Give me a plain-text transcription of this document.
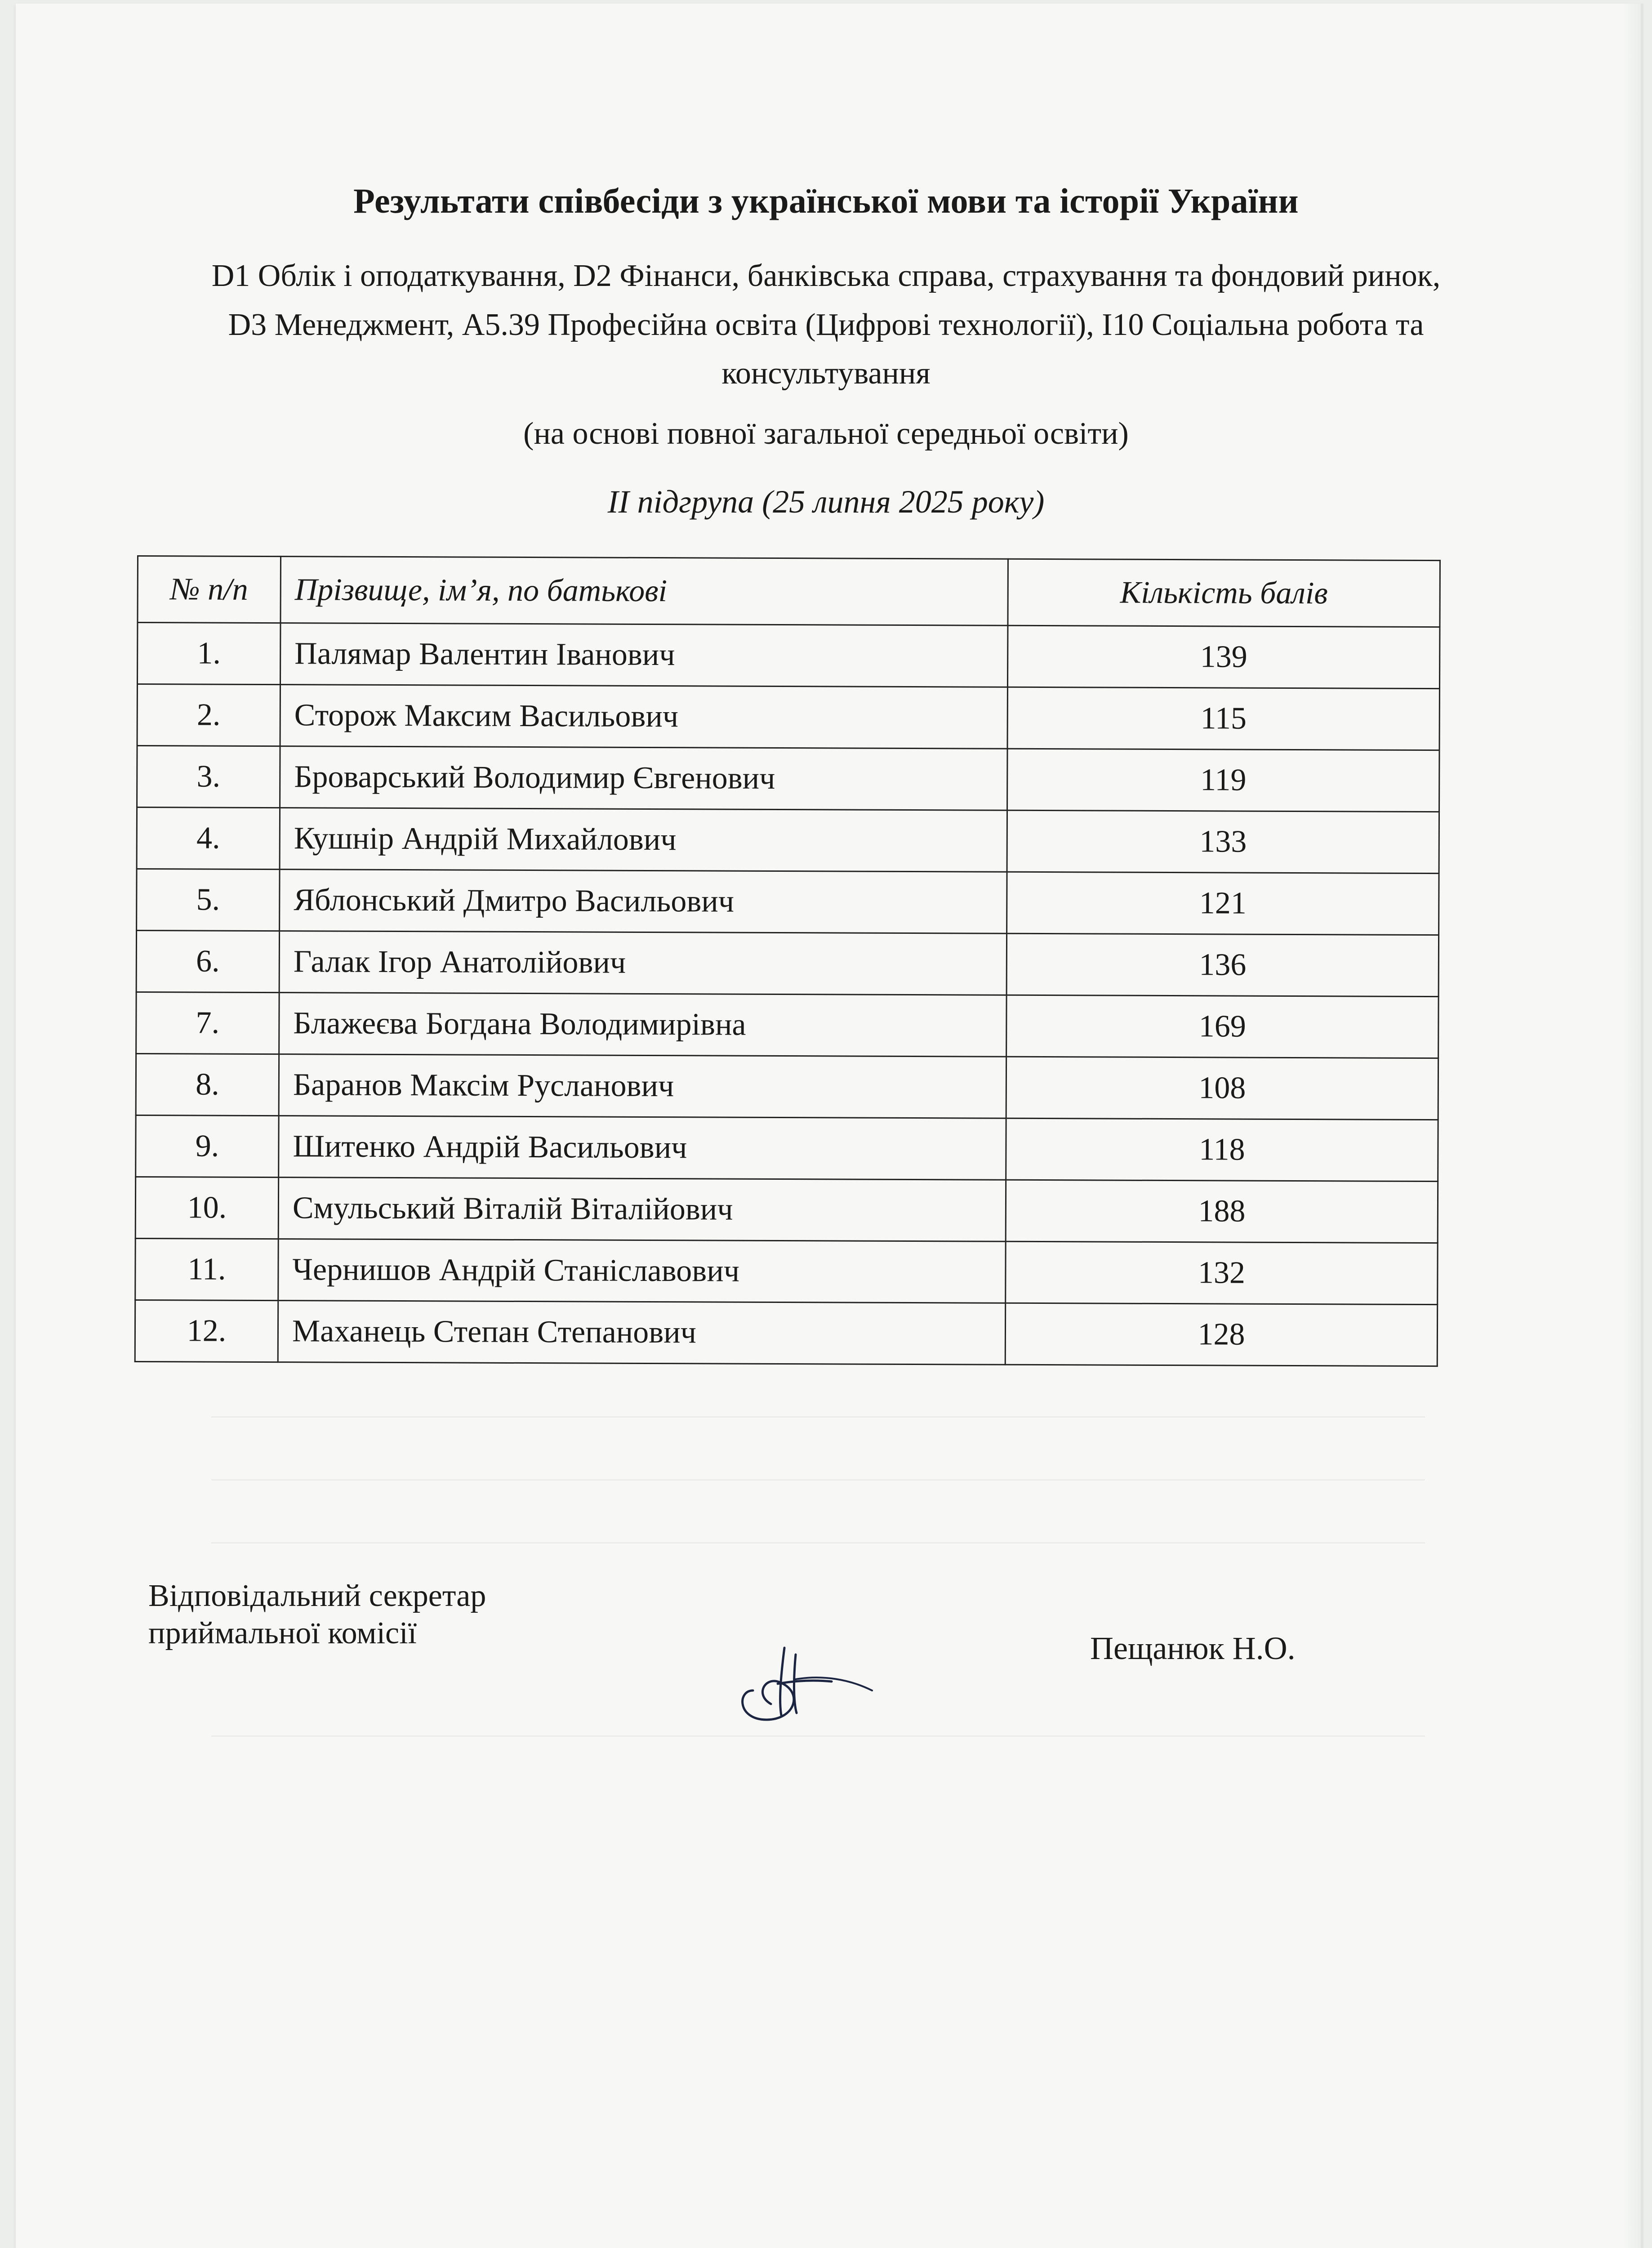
Результати співбесіди з української мови та історії України
D1 Облік і оподаткування, D2 Фінанси, банківська справа, страхування та фондовий ринок,
D3 Менеджмент, А5.39 Професійна освіта (Цифрові технології), І10 Соціальна робота та
консультування
(на основі повної загальної середньої освіти)
ІІ підгрупа (25 липня 2025 року)
№ п/п	Прізвище, ім’я, по батькові	Кількість балів
1.	Палямар Валентин Іванович	139
2.	Сторож Максим Васильович	115
3.	Броварський Володимир Євгенович	119
4.	Кушнір Андрій Михайлович	133
5.	Яблонський Дмитро Васильович	121
6.	Галак Ігор Анатолійович	136
7.	Блажеєва Богдана Володимирівна	169
8.	Баранов Максім Русланович	108
9.	Шитенко Андрій Васильович	118
10.	Смульський Віталій Віталійович	188
11.	Чернишов Андрій Станіславович	132
12.	Маханець Степан Степанович	128
Відповідальний секретар
приймальної комісії	Пещанюк Н.О.
